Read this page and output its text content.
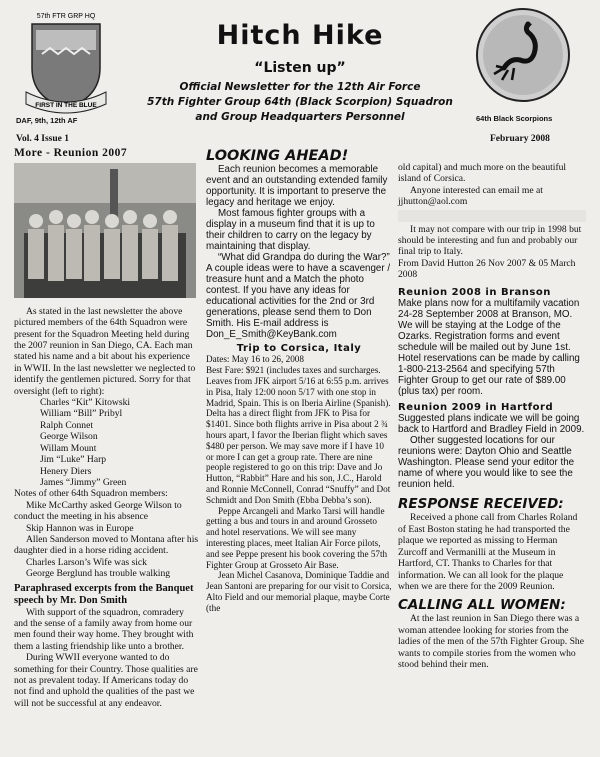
57th FTR GRP HQ
FIRST IN THE BLUE
Hitch Hike
“Listen up”
Official Newsletter for the 12th Air Force
57th Fighter Group 64th (Black Scorpion) Squadron
and Group Headquarters Personnel
DAF, 9th, 12th AF	64th Black Scorpions
Vol. 4 Issue 1	February 2008
More - Reunion 2007

As stated in the last newsletter the above pictured members of the 64th Squadron were present for the Squadron Meeting held during the 2007 reunion in San Diego, CA. Each man stated his name and a bit about his experience in WWII. In the last newsletter we neglected to identify the gentlemen pictured. Sorry for that oversight (left to right):

Charles “Kit” Kitowski
William “Bill” Pribyl
Ralph Connet
George Wilson
Willam Mount
Jim “Luke” Harp
Henery Diers
James “Jimmy” Green

Notes of other 64th Squadron members:

Mike McCarthy asked George Wilson to conduct the meeting in his absence

Skip Hannon was in Europe

Allen Sanderson moved to Montana after his daughter died in a horse riding accident.

Charles Larson’s Wife was sick

George Berglund has trouble walking

Paraphrased excerpts from the Banquet speech by Mr. Don Smith

With support of the squadron, comradery and the sense of a family away from home our men found their way home. They brought with them a lasting friendship like unto a brother.

During WWII everyone wanted to do something for their Country. Those qualities are not as prevalent today. If Americans today do not find and uphold the qualities of the past we will not be successful at any endeavor.

LOOKING AHEAD!

Each reunion becomes a memorable event and an outstanding extended family opportunity. It is important to preserve the legacy and heritage we enjoy.

Most famous fighter groups with a display in a museum find that it is up to their children to carry on the legacy by maintaining that display.

“What did Grandpa do during the War?” A couple ideas were to have a scavenger / treasure hunt and a Match the photo contest. If you have any ideas for educational activities for the 2nd or 3rd generations, please send them to Don Smith. His E-mail address is

Don_E_Smith@KeyBank.com

Trip to Corsica, Italy

Dates: May 16 to 26, 2008

Best Fare: $921 (includes taxes and surcharges. Leaves from JFK airport 5/16 at 6:55 p.m. arrives in Pisa, Italy 12:00 noon 5/17 with one stop in Madrid, Spain. This is on Iberia Airline (Spanish). Delta has a direct flight from JFK to Pisa for $1401. Since both flights arrive in Pisa about 2 ¾ hours apart, I favor the Iberian flight which saves $480 per person. We may save more if I have 10 or more I can get a group rate. There are nine people registered to go on this trip: Dave and Jo Hutton, “Rabbit” Hare and his son, J.C., Harold and Ronnie McConnell, Conrad “Snuffy” and Dot Schmidt and Don Smith (Ebba Debba’s son).

Peppe Arcangeli and Marko Tarsi will handle getting a bus and tours in and around Grosseto and hotel reservations. We will see many interesting places, meet Italian Air Force pilots, and see Peppe present his book covering the 57th Fighter Group at Grosseto Air Base.

Jean Michel Casanova, Dominique Taddie and Jean Santoni are preparing for our visit to Corsica, Alto Field and our memorial plaque, maybe Corte (the

old capital) and much more on the beautiful island of Corsica.

Anyone interested can email me at

jjhutton@aol.com

It may not compare with our trip in 1998 but should be interesting and fun and probably our final trip to Italy.

From David Hutton 26 Nov 2007 & 05 March 2008

Reunion 2008 in Branson

Make plans now for a multifamily vacation 24-28 September 2008 at Branson, MO. We will be staying at the Lodge of the Ozarks. Registration forms and event schedule will be mailed out by June 1st. Hotel reservations can be made by calling 1-800-213-2564 and specifying 57th Fighter Group to get our rate of $89.00 (plus tax) per room.

Reunion 2009 in Hartford

Suggested plans indicate we will be going back to Hartford and Bradley Field in 2009.

Other suggested locations for our reunions were: Dayton Ohio and Seattle Washington. Please send your editor the name of where you would like to see the reunion held.

RESPONSE RECEIVED:

Received a phone call from Charles Roland of East Boston stating he had transported the plaque we reported as missing to Herman Zurcoff and Vermanilli at the Museum in Hartford, CT. Thanks to Charles for that information. We can all look for the plaque when we are there for the 2009 Reunion.

CALLING ALL WOMEN:

At the last reunion in San Diego there was a woman attendee looking for stories from the ladies of the men of the 57th Fighter Group. She wants to compile stories from the women who stood behind their men.
